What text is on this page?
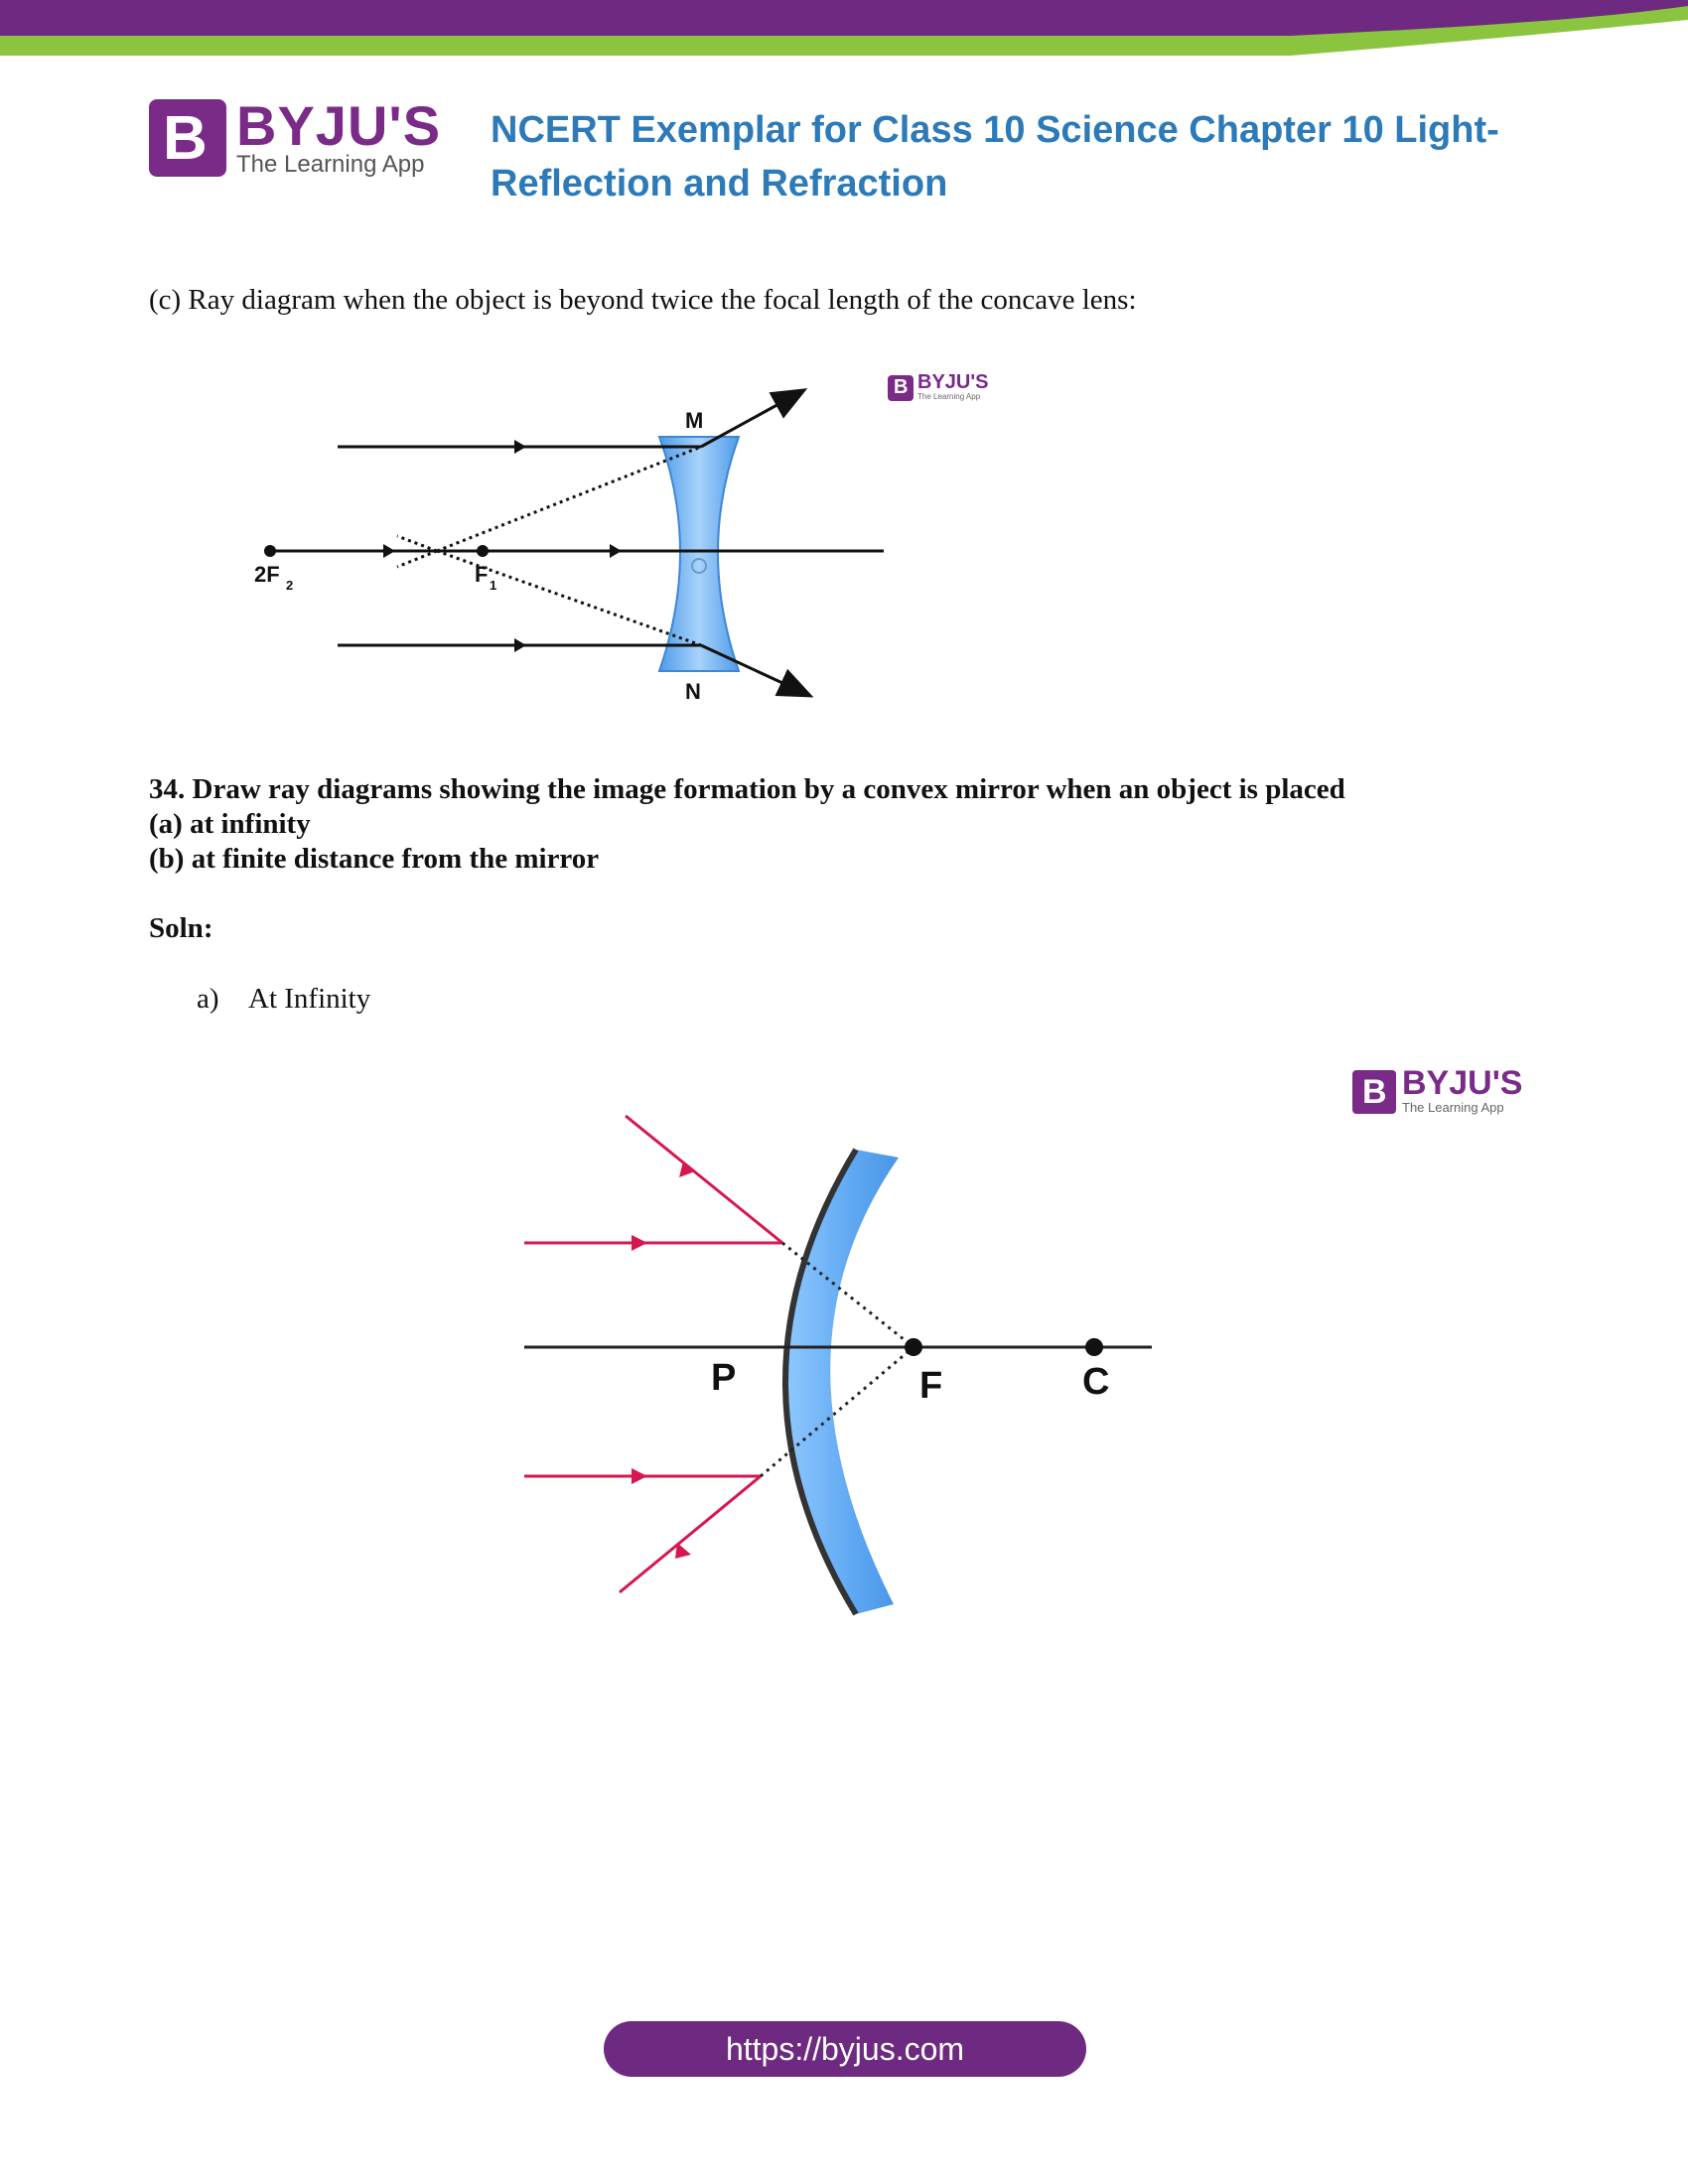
B BYJU'S
The Learning App
NCERT Exemplar for Class 10 Science Chapter 10 Light-
Reflection and Refraction
(c) Ray diagram when the object is beyond twice the focal length of the concave lens:
B BYJU'S
The Learning App
M
N
2F 2	F 1
34. Draw ray diagrams showing the image formation by a convex mirror when an object is placed
(a) at infinity
(b) at finite distance from the mirror
Soln:
a) At Infinity
B BYJU'S
The Learning App
P	F	C
https://byjus.com
